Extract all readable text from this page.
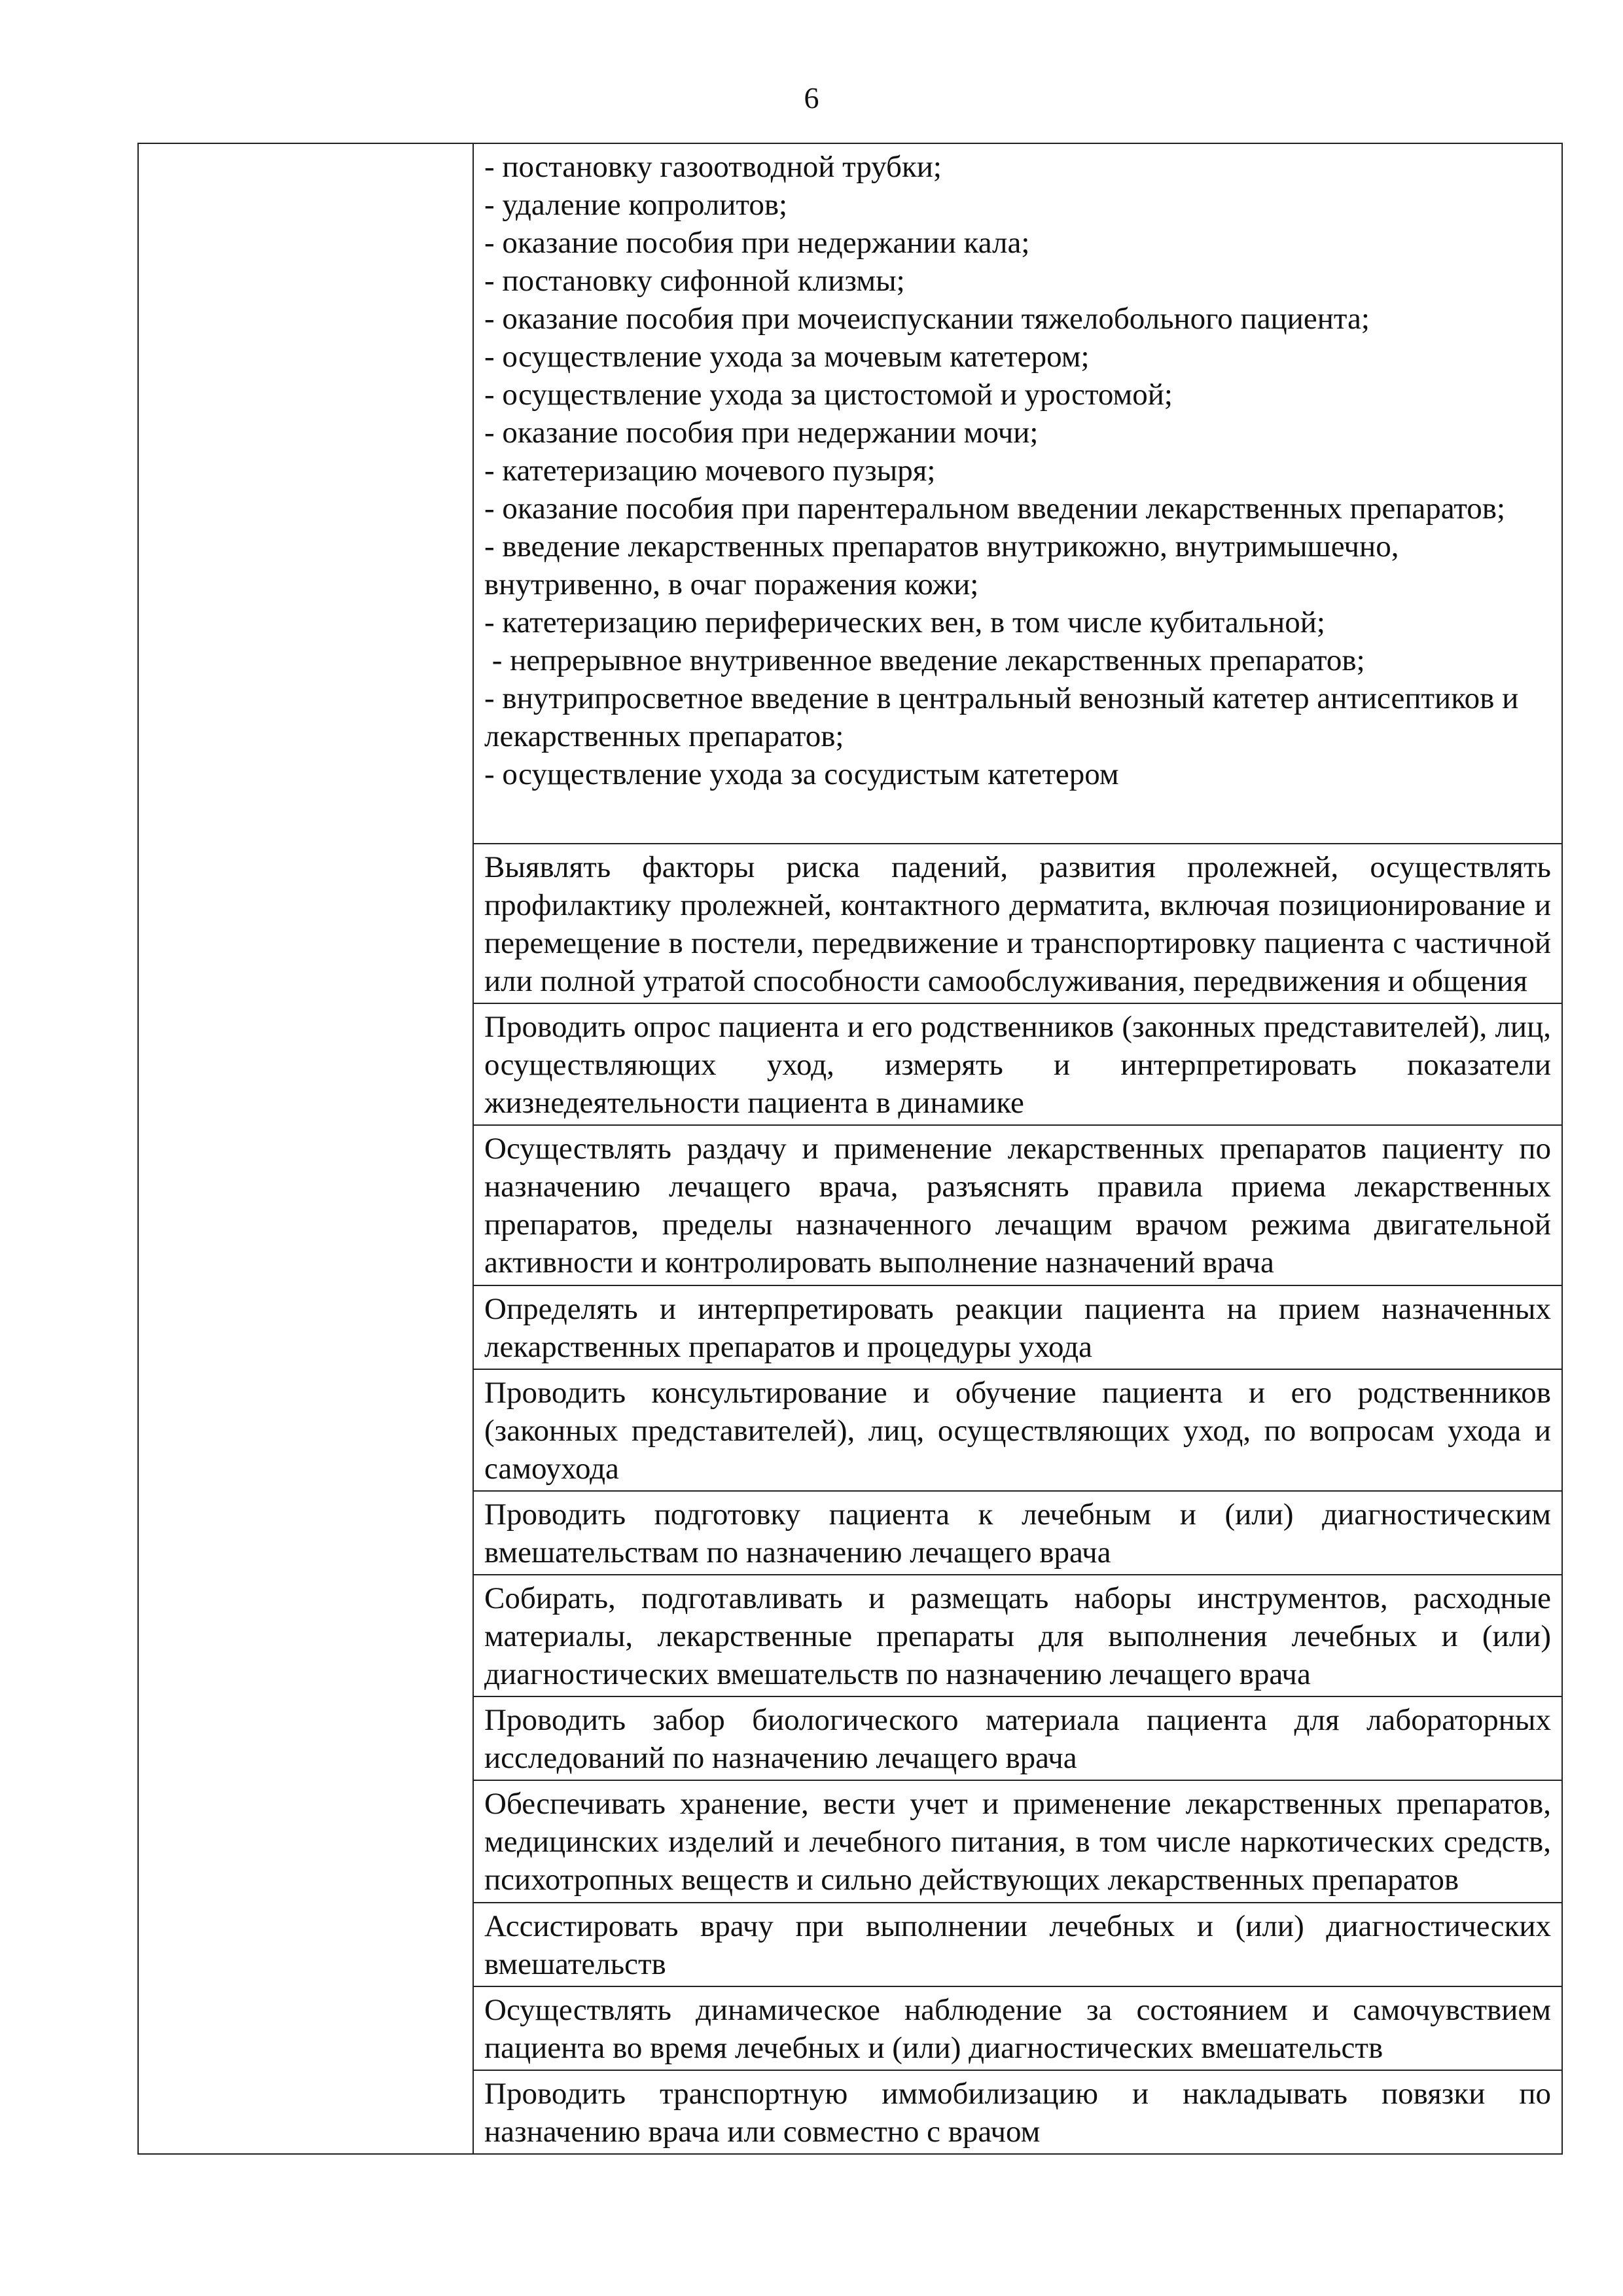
6

- постановку газоотводной трубки;
- удаление копролитов;
- оказание пособия при недержании кала;
- постановку сифонной клизмы;
- оказание пособия при мочеиспускании тяжелобольного пациента;
- осуществление ухода за мочевым катетером;
- осуществление ухода за цистостомой и уростомой;
- оказание пособия при недержании мочи;
- катетеризацию мочевого пузыря;
- оказание пособия при парентеральном введении лекарственных препаратов;
- введение лекарственных препаратов внутрикожно, внутримышечно, внутривенно, в очаг поражения кожи;
- катетеризацию периферических вен, в том числе кубитальной;
- непрерывное внутривенное введение лекарственных препаратов;
- внутрипросветное введение в центральный венозный катетер антисептиков и лекарственных препаратов;
- осуществление ухода за сосудистым катетером

Выявлять факторы риска падений, развития пролежней, осуществлять профилактику пролежней, контактного дерматита, включая позиционирование и перемещение в постели, передвижение и транспортировку пациента с частичной или полной утратой способности самообслуживания, передвижения и общения

Проводить опрос пациента и его родственников (законных представителей), лиц, осуществляющих уход, измерять и интерпретировать показатели жизнедеятельности пациента в динамике

Осуществлять раздачу и применение лекарственных препаратов пациенту по назначению лечащего врача, разъяснять правила приема лекарственных препаратов, пределы назначенного лечащим врачом режима двигательной активности и контролировать выполнение назначений врача

Определять и интерпретировать реакции пациента на прием назначенных лекарственных препаратов и процедуры ухода

Проводить консультирование и обучение пациента и его родственников (законных представителей), лиц, осуществляющих уход, по вопросам ухода и самоухода

Проводить подготовку пациента к лечебным и (или) диагностическим вмешательствам по назначению лечащего врача

Собирать, подготавливать и размещать наборы инструментов, расходные материалы, лекарственные препараты для выполнения лечебных и (или) диагностических вмешательств по назначению лечащего врача

Проводить забор биологического материала пациента для лабораторных исследований по назначению лечащего врача

Обеспечивать хранение, вести учет и применение лекарственных препаратов, медицинских изделий и лечебного питания, в том числе наркотических средств, психотропных веществ и сильно действующих лекарственных препаратов

Ассистировать врачу при выполнении лечебных и (или) диагностических вмешательств

Осуществлять динамическое наблюдение за состоянием и самочувствием пациента во время лечебных и (или) диагностических вмешательств

Проводить транспортную иммобилизацию и накладывать повязки по назначению врача или совместно с врачом
